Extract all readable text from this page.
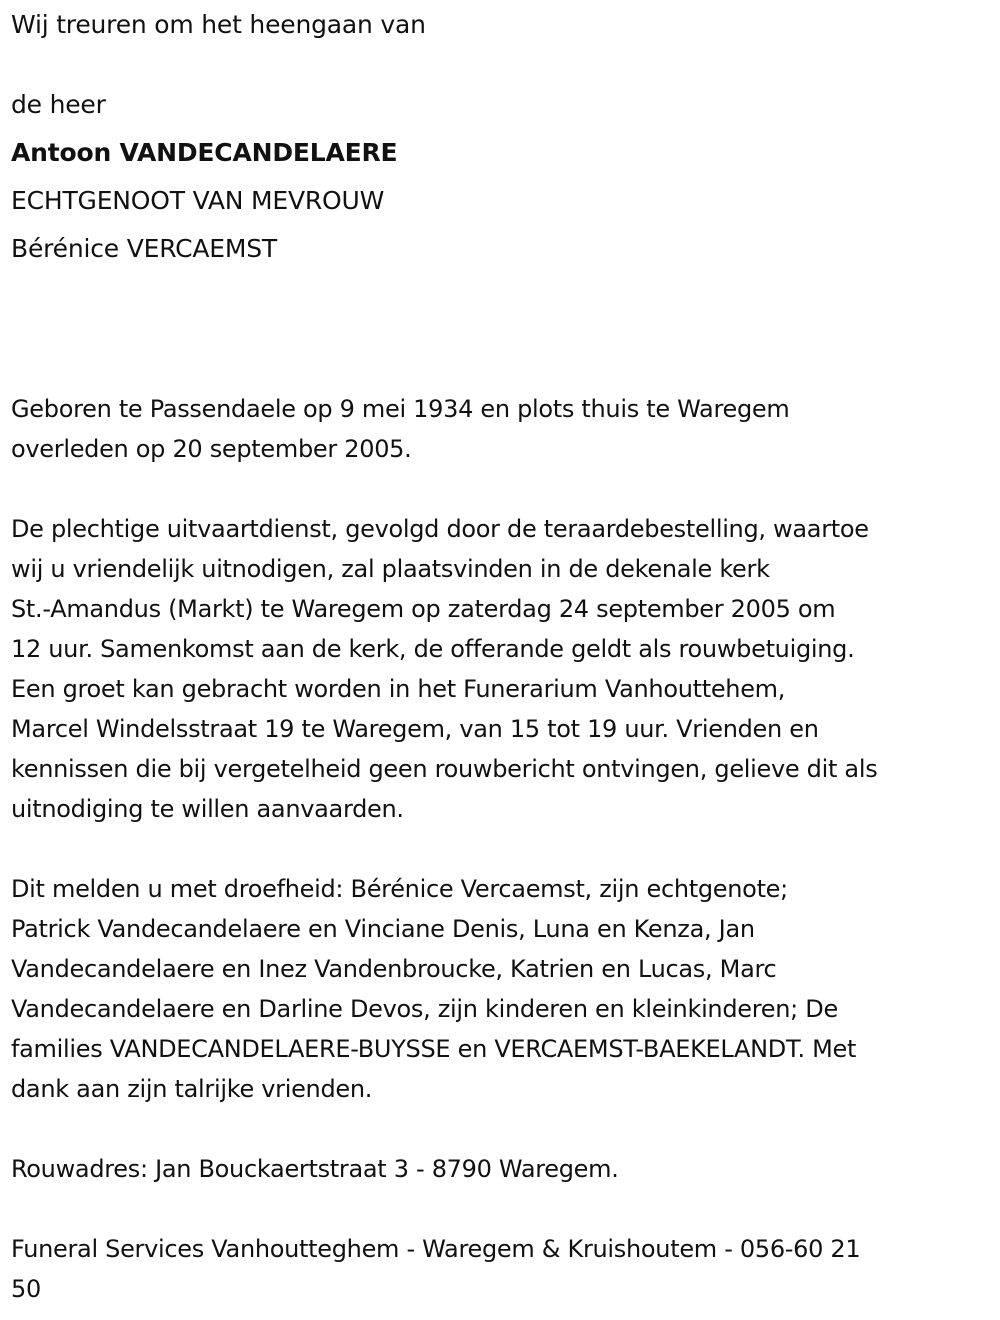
Wij treuren om het heengaan van
de heer
Antoon VANDECANDELAERE
ECHTGENOOT VAN MEVROUW
Bérénice VERCAEMST
Geboren te Passendaele op 9 mei 1934 en plots thuis te Waregem
overleden op 20 september 2005.
De plechtige uitvaartdienst, gevolgd door de teraardebestelling, waartoe
wij u vriendelijk uitnodigen, zal plaatsvinden in de dekenale kerk
St.-Amandus (Markt) te Waregem op zaterdag 24 september 2005 om
12 uur. Samenkomst aan de kerk, de offerande geldt als rouwbetuiging.
Een groet kan gebracht worden in het Funerarium Vanhouttehem,
Marcel Windelsstraat 19 te Waregem, van 15 tot 19 uur. Vrienden en
kennissen die bij vergetelheid geen rouwbericht ontvingen, gelieve dit als
uitnodiging te willen aanvaarden.
Dit melden u met droefheid: Bérénice Vercaemst, zijn echtgenote;
Patrick Vandecandelaere en Vinciane Denis, Luna en Kenza, Jan
Vandecandelaere en Inez Vandenbroucke, Katrien en Lucas, Marc
Vandecandelaere en Darline Devos, zijn kinderen en kleinkinderen; De
families VANDECANDELAERE-BUYSSE en VERCAEMST-BAEKELANDT. Met
dank aan zijn talrijke vrienden.
Rouwadres: Jan Bouckaertstraat 3 - 8790 Waregem.
Funeral Services Vanhoutteghem - Waregem & Kruishoutem - 056-60 21
50
